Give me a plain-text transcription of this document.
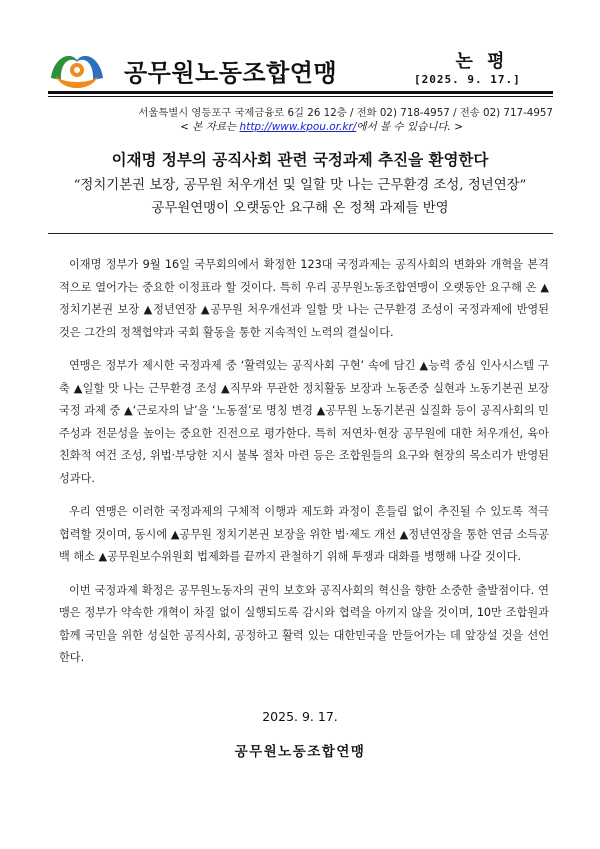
공무원노동조합연맹	논 평
[2025. 9. 17.]
서울특별시 영등포구 국제금융로 6길 26 12층 / 전화 02) 718-4957 / 전송 02) 717-4957
< 본 자료는 http://www.kpou.or.kr/에서 볼 수 있습니다. >
이재명 정부의 공직사회 관련 국정과제 추진을 환영한다
“정치기본권 보장, 공무원 처우개선 및 일할 맛 나는 근무환경 조성, 정년연장”
공무원연맹이 오랫동안 요구해 온 정책 과제들 반영

이재명 정부가 9월 16일 국무회의에서 확정한 123대 국정과제는 공직사회의 변화와 개혁을 본격적으로 열어가는 중요한 이정표라 할 것이다. 특히 우리 공무원노동조합연맹이 오랫동안 요구해 온 ▲정치기본권 보장 ▲정년연장 ▲공무원 처우개선과 일할 맛 나는 근무환경 조성이 국정과제에 반영된 것은 그간의 정책협약과 국회 활동을 통한 지속적인 노력의 결실이다.

연맹은 정부가 제시한 국정과제 중 ‘활력있는 공직사회 구현’ 속에 담긴 ▲능력 중심 인사시스템 구축 ▲일할 맛 나는 근무환경 조성 ▲직무와 무관한 정치활동 보장과 노동존중 실현과 노동기본권 보장 국정 과제 중 ▲‘근로자의 날’을 ‘노동절’로 명칭 변경 ▲공무원 노동기본권 실질화 등이 공직사회의 민주성과 전문성을 높이는 중요한 진전으로 평가한다. 특히 저연차·현장 공무원에 대한 처우개선, 육아친화적 여건 조성, 위법·부당한 지시 불복 절차 마련 등은 조합원들의 요구와 현장의 목소리가 반영된 성과다.

우리 연맹은 이러한 국정과제의 구체적 이행과 제도화 과정이 흔들림 없이 추진될 수 있도록 적극 협력할 것이며, 동시에 ▲공무원 정치기본권 보장을 위한 법·제도 개선 ▲정년연장을 통한 연금 소득공백 해소 ▲공무원보수위원회 법제화를 끝까지 관철하기 위해 투쟁과 대화를 병행해 나갈 것이다.

이번 국정과제 확정은 공무원노동자의 권익 보호와 공직사회의 혁신을 향한 소중한 출발점이다. 연맹은 정부가 약속한 개혁이 차질 없이 실행되도록 감시와 협력을 아끼지 않을 것이며, 10만 조합원과 함께 국민을 위한 성실한 공직사회, 공정하고 활력 있는 대한민국을 만들어가는 데 앞장설 것을 선언한다.

2025. 9. 17.
공무원노동조합연맹
